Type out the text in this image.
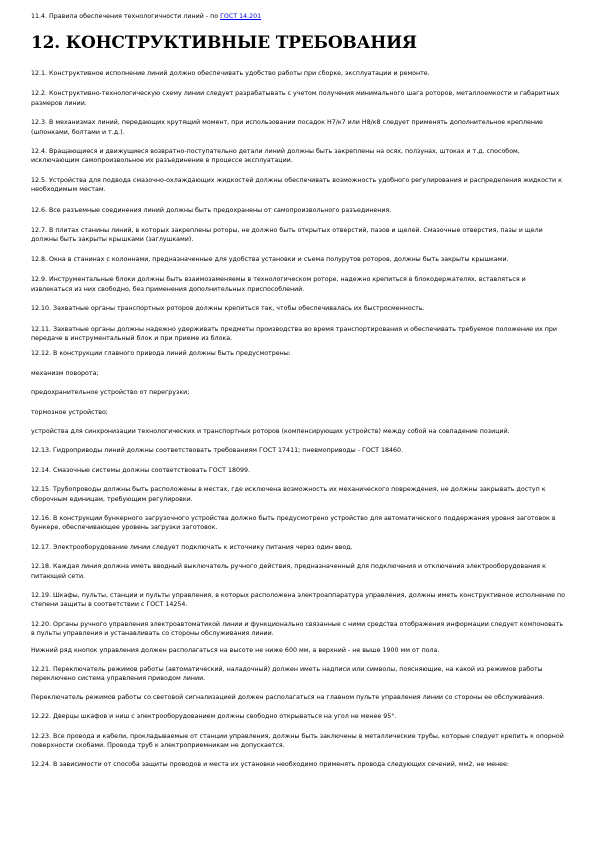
11.4. Правила обеспечения технологичности линий - по ГОСТ 14.201

12. КОНСТРУКТИВНЫЕ ТРЕБОВАНИЯ

12.1. Конструктивное исполнение линий должно обеспечивать удобство работы при сборке, эксплуатации и ремонте.

12.2. Конструктивно-технологическую схему линии следует разрабатывать с учетом получения минимального шага роторов, металлоемкости и габаритных размеров линии.

12.3. В механизмах линий, передающих крутящий момент, при использовании посадок Н7/к7 или Н8/к8 следует применять дополнительное крепление (шпонками, болтами и т.д.).

12.4. Вращающиеся и движущиеся возвратно-поступательно детали линий должны быть закреплены на осях, ползунах, штоках и т.д. способом, исключающим самопроизвольное их разъединение в процессе эксплуатации.

12.5. Устройства для подвода смазочно-охлаждающих жидкостей должны обеспечивать возможность удобного регулирования и распределения жидкости к необходимым местам.

12.6. Все разъемные соединения линий должны быть предохранены от самопроизвольного разъединения.

12.7. В плитах станины линий, в которых закреплены роторы, не должно быть открытых отверстий, пазов и щелей. Смазочные отверстия, пазы и щели должны быть закрыты крышками (заглушками).

12.8. Окна в станинах с колоннами, предназначенные для удобства установки и съема полурутов роторов, должны быть закрыты крышками.

12.9. Инструментальные блоки должны быть взаимозаменяемы в технологическом роторе, надежно крепиться в блокодержателях, вставляться и извлекаться из них свободно, без применения дополнительных приспособлений.

12.10. Захватные органы транспортных роторов должны крепиться так, чтобы обеспечивалась их быстросменность.

12.11. Захватные органы должны надежно удерживать предметы производства во время транспортирования и обеспечивать требуемое положение их при передаче в инструментальный блок и при приеме из блока.

12.12. В конструкции главного привода линий должны быть предусмотрены:

механизм поворота;

предохранительное устройство от перегрузки;

тормозное устройство;

устройства для синхронизации технологических и транспортных роторов (компенсирующих устройств) между собой на совпадение позиций.

12.13. Гидроприводы линий должны соответствовать требованиям ГОСТ 17411; пневмоприводы - ГОСТ 18460.

12.14. Смазочные системы должны соответствовать ГОСТ 18099.

12.15. Трубопроводы должны быть расположены в местах, где исключена возможность их механического повреждения, не должны закрывать доступ к сборочным единицам, требующим регулировки.

12.16. В конструкции бункерного загрузочного устройства должно быть предусмотрено устройство для автоматического поддержания уровня заготовок в бункере, обеспечивающее уровень загрузки заготовок.

12.17. Электрооборудование линии следует подключать к источнику питания через один ввод.

12.18. Каждая линия должна иметь вводный выключатель ручного действия, предназначенный для подключения и отключения электрооборудования к питающей сети.

12.19. Шкафы, пульты, станции и пульты управления, в которых расположена электроаппаратура управления, должны иметь конструктивное исполнение по степени защиты в соответствии с ГОСТ 14254.

12.20. Органы ручного управления электроавтоматикой линии и функционально связанные с ними средства отображения информации следует компоновать в пульты управления и устанавливать со стороны обслуживания линии.

Нижний ряд кнопок управления должен располагаться на высоте не ниже 600 мм, а верхний - не выше 1900 мм от пола.

12.21. Переключатель режимов работы (автоматический, наладочный) должен иметь надписи или символы, поясняющие, на какой из режимов работы переключено система управления приводом линии.

Переключатель режимов работы со световой сигнализацией должен располагаться на главном пульте управления линии со стороны ее обслуживания.

12.22. Дверцы шкафов и ниш с электрооборудованием должны свободно открываться на угол не менее 95°.

12.23. Все провода и кабели, прокладываемые от станции управления, должны быть заключены в металлические трубы, которые следует крепить к опорной поверхности скобами. Провода труб к электроприемникам не допускается.

12.24. В зависимости от способа защиты проводов и места их установки необходимо применять провода следующих сечений, мм2, не менее:
